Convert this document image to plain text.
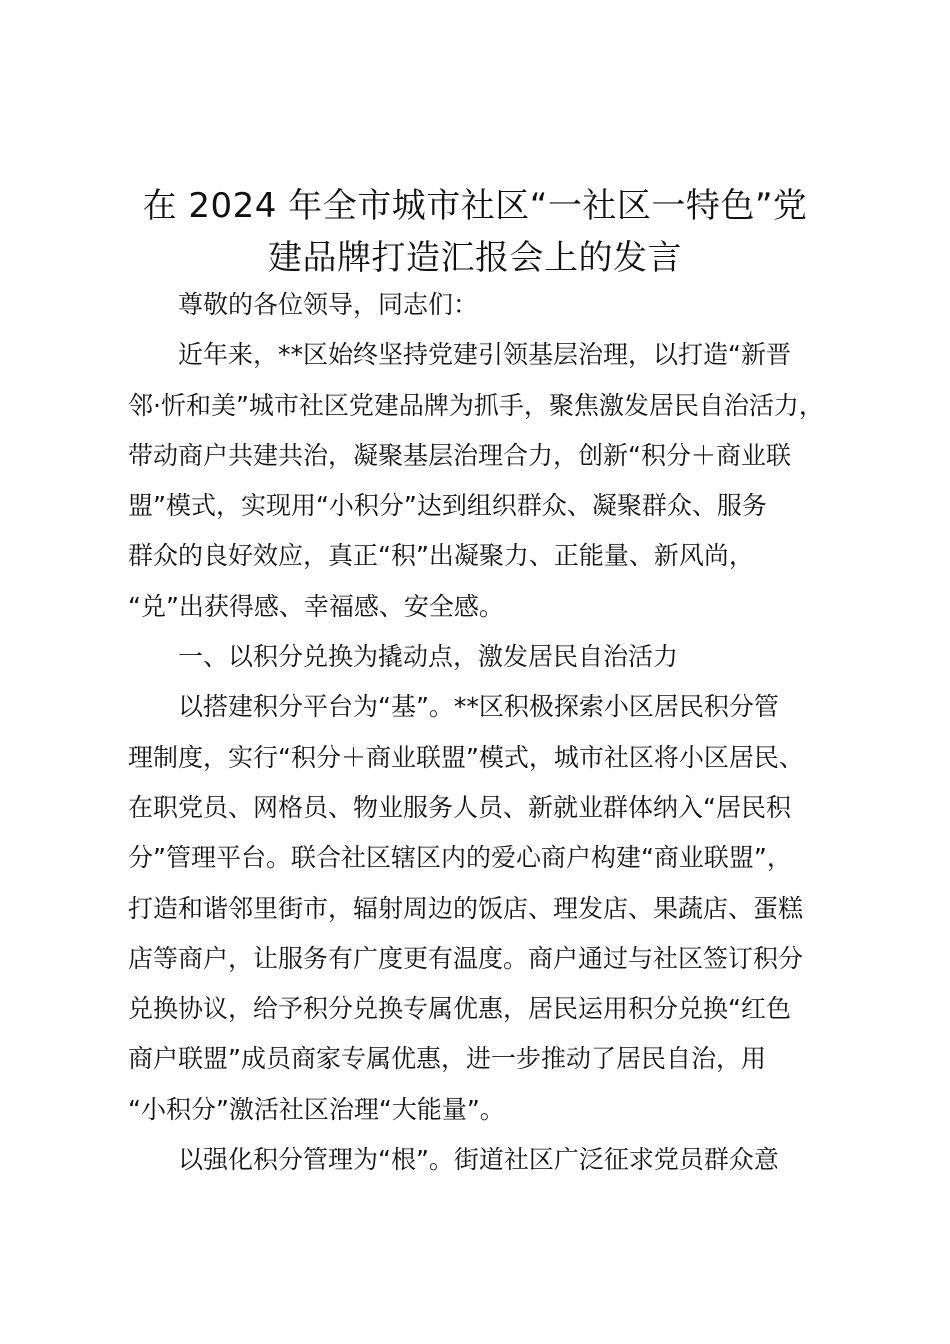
在 2024 年全市城市社区“一社区一特色”党
建品牌打造汇报会上的发言
尊敬的各位领导，同志们：
近年来，**区始终坚持党建引领基层治理，以打造“新晋
邻·忻和美”城市社区党建品牌为抓手，聚焦激发居民自治活力，
带动商户共建共治，凝聚基层治理合力，创新“积分＋商业联
盟”模式，实现用“小积分”达到组织群众、凝聚群众、服务
群众的良好效应，真正“积”出凝聚力、正能量、新风尚，
“兑”出获得感、幸福感、安全感。
一、以积分兑换为撬动点，激发居民自治活力
以搭建积分平台为“基”。**区积极探索小区居民积分管
理制度，实行“积分＋商业联盟”模式，城市社区将小区居民、
在职党员、网格员、物业服务人员、新就业群体纳入“居民积
分”管理平台。联合社区辖区内的爱心商户构建“商业联盟”，
打造和谐邻里街市，辐射周边的饭店、理发店、果蔬店、蛋糕
店等商户，让服务有广度更有温度。商户通过与社区签订积分
兑换协议，给予积分兑换专属优惠，居民运用积分兑换“红色
商户联盟”成员商家专属优惠，进一步推动了居民自治，用
“小积分”激活社区治理“大能量”。
以强化积分管理为“根”。街道社区广泛征求党员群众意
